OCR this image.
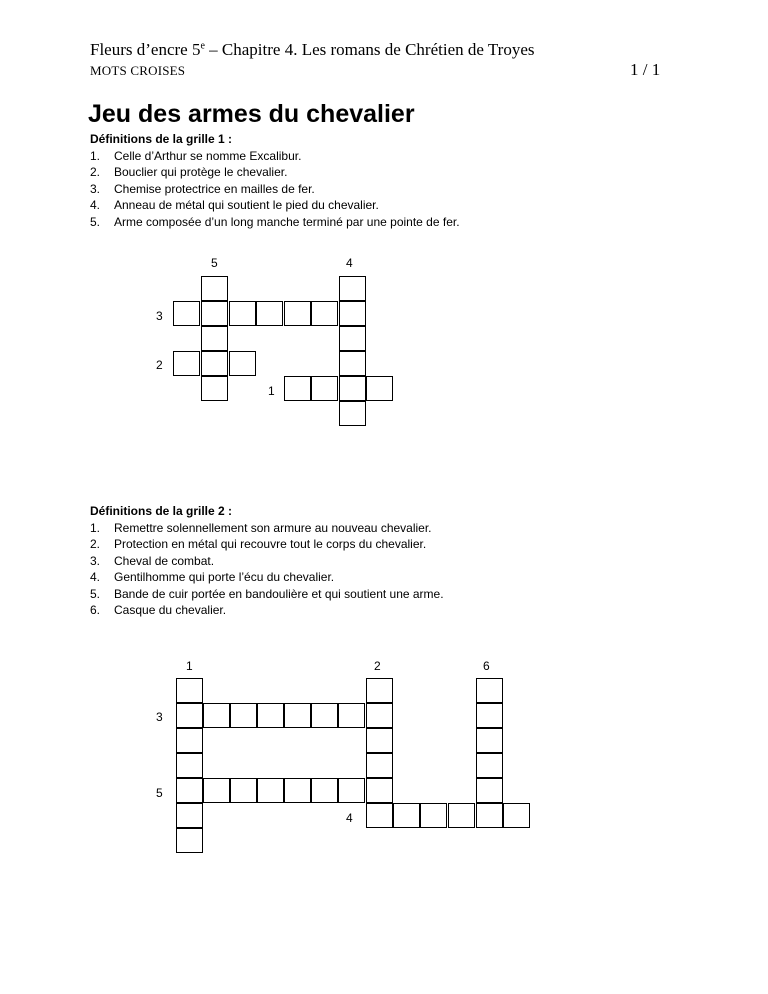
Fleurs d’encre 5e – Chapitre 4. Les romans de Chrétien de Troyes
MOTS CROISES	1 / 1
Jeu des armes du chevalier
Définitions de la grille 1 :
1.	Celle d’Arthur se nomme Excalibur.
2.	Bouclier qui protège le chevalier.
3.	Chemise protectrice en mailles de fer.
4.	Anneau de métal qui soutient le pied du chevalier.
5.	Arme composée d’un long manche terminé par une pointe de fer.
5	4
3
2
1
Définitions de la grille 2 :
1.	Remettre solennellement son armure au nouveau chevalier.
2.	Protection en métal qui recouvre tout le corps du chevalier.
3.	Cheval de combat.
4.	Gentilhomme qui porte l’écu du chevalier.
5.	Bande de cuir portée en bandoulière et qui soutient une arme.
6.	Casque du chevalier.
1	2	6
3
5
4
